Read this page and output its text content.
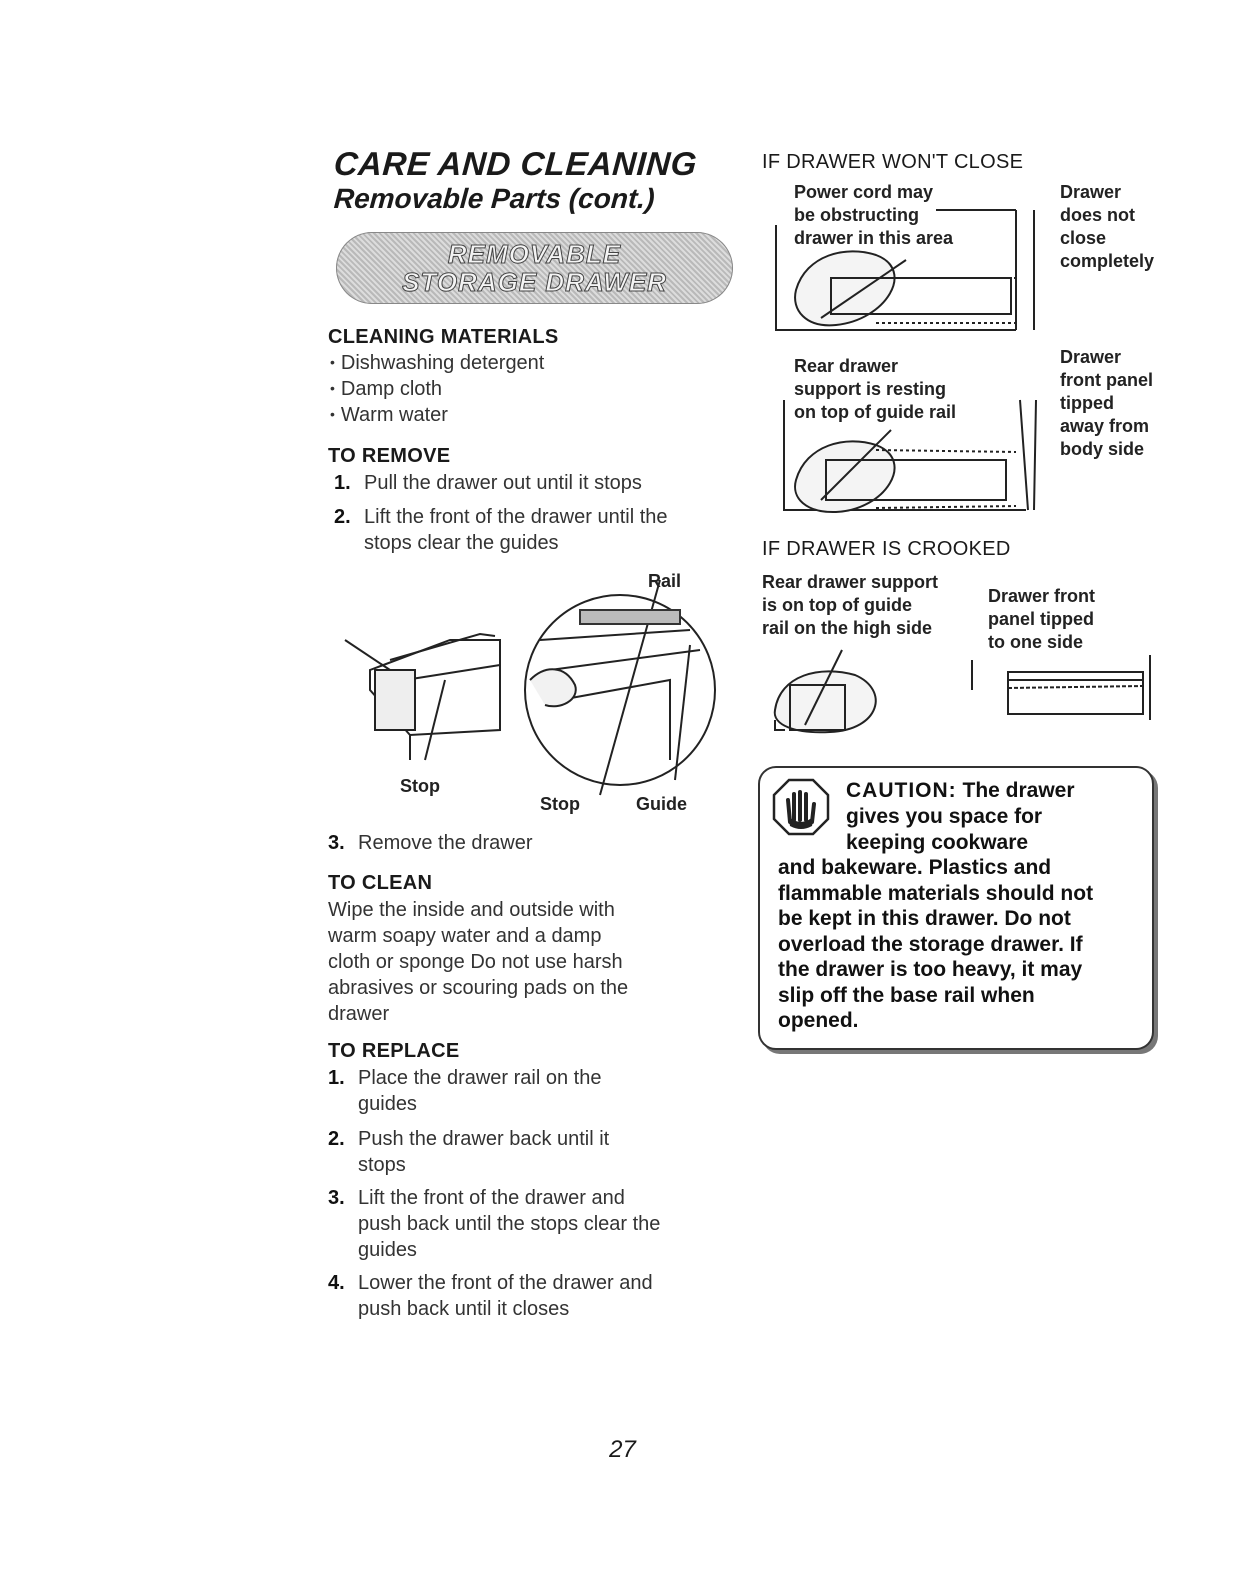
CARE AND CLEANING
Removable Parts (cont.)
REMOVABLE
STORAGE DRAWER
CLEANING MATERIALS
• Dishwashing detergent
• Damp cloth
• Warm water
TO REMOVE
1. Pull the drawer out until it stops
2. Lift the front of the drawer until the
stops clear the guides
Rail
Stop
Stop	Guide
3. Remove the drawer
TO CLEAN
Wipe the inside and outside with
warm soapy water and a damp
cloth or sponge Do not use harsh
abrasives or scouring pads on the
drawer
TO REPLACE
1. Place the drawer rail on the
guides
2. Push the drawer back until it
stops
3. Lift the front of the drawer and
push back until the stops clear the
guides
4. Lower the front of the drawer and
push back until it closes
IF DRAWER WON'T CLOSE
Power cord may
be obstructing
drawer in this area
Drawer
does not
close
completely
Rear drawer
support is resting
on top of guide rail
Drawer
front panel
tipped
away from
body side
IF DRAWER IS CROOKED
Rear drawer support
is on top of guide
rail on the high side
Drawer front
panel tipped
to one side
CAUTION: The drawer
gives you space for
keeping cookware
and bakeware. Plastics and
flammable materials should not
be kept in this drawer. Do not
overload the storage drawer. If
the drawer is too heavy, it may
slip off the base rail when
opened.
27
